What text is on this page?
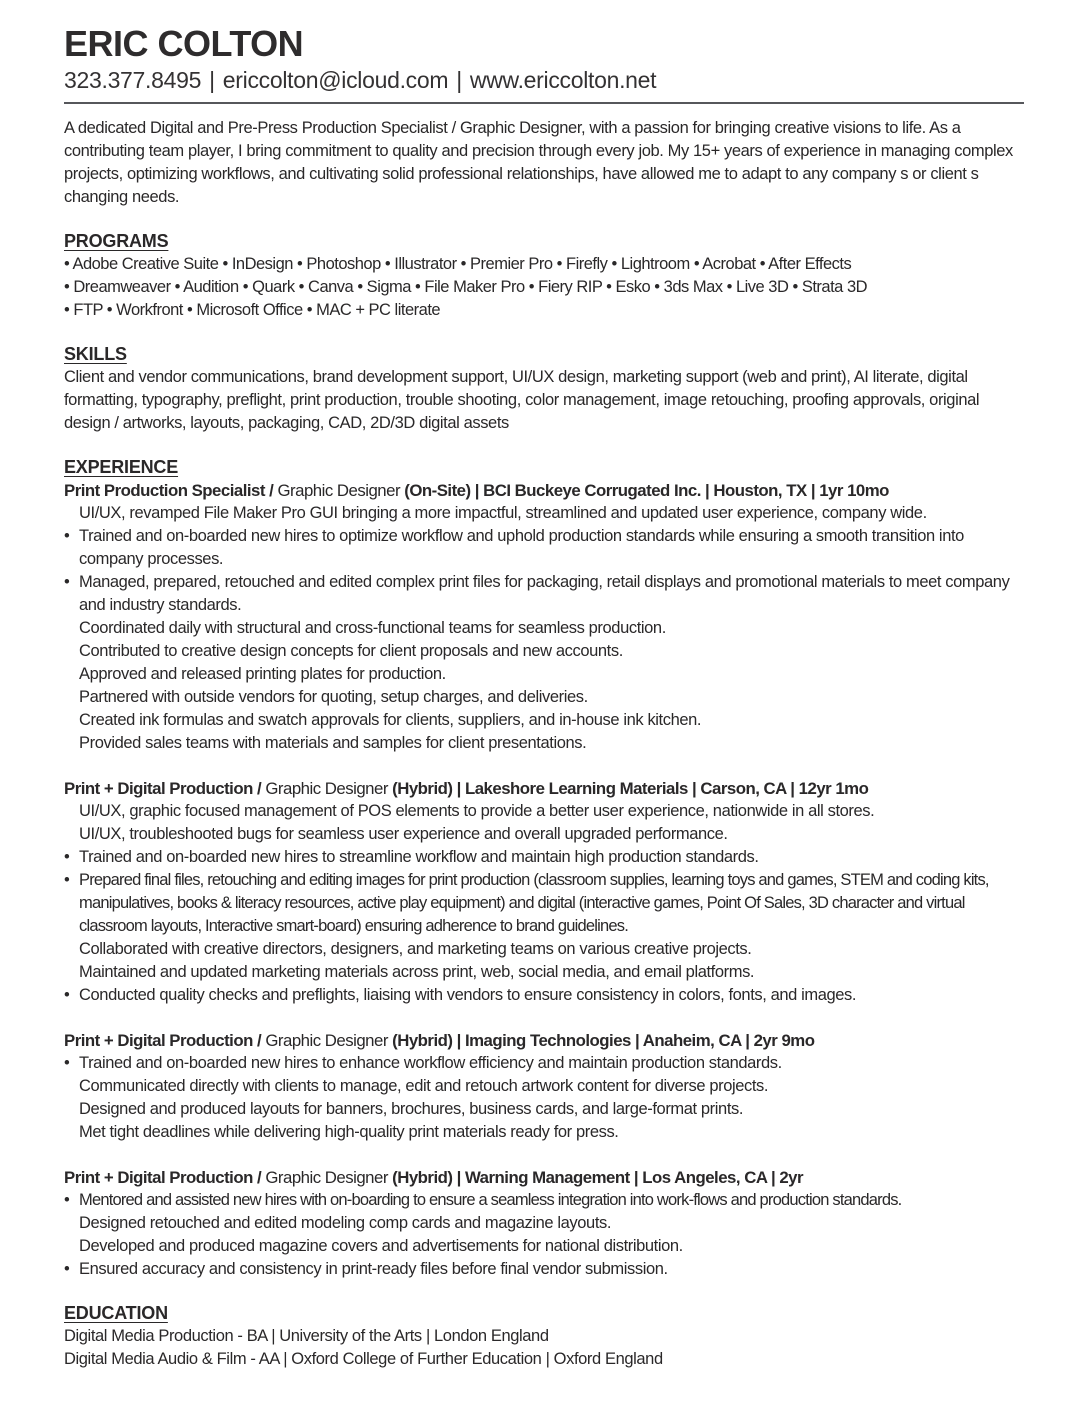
ERIC COLTON
323.377.8495 | ericcolton@icloud.com | www.ericcolton.net

A dedicated Digital and Pre-Press Production Specialist / Graphic Designer, with a passion for bringing creative visions to life. As a contributing team player, I bring commitment to quality and precision through every job. My 15+ years of experience in managing complex projects, optimizing workflows, and cultivating solid professional relationships, have allowed me to adapt to any company s or client s changing needs.

PROGRAMS
• Adobe Creative Suite • InDesign • Photoshop • Illustrator • Premier Pro • Firefly • Lightroom • Acrobat • After Effects
• Dreamweaver • Audition • Quark • Canva • Sigma • File Maker Pro • Fiery RIP • Esko • 3ds Max • Live 3D • Strata 3D
• FTP • Workfront • Microsoft Office • MAC + PC literate
SKILLS

Client and vendor communications, brand development support, UI/UX design, marketing support (web and print), AI literate, digital formatting, typography, preflight, print production, trouble shooting, color management, image retouching, proofing approvals, original design / artworks, layouts, packaging, CAD, 2D/3D digital assets

EXPERIENCE
Print Production Specialist / Graphic Designer (On-Site) | BCI Buckeye Corrugated Inc. | Houston, TX | 1yr 10mo
UI/UX, revamped File Maker Pro GUI bringing a more impactful, streamlined and updated user experience, company wide.
• Trained and on-boarded new hires to optimize workflow and uphold production standards while ensuring a smooth transition into company processes.
• Managed, prepared, retouched and edited complex print files for packaging, retail displays and promotional materials to meet company and industry standards.
Coordinated daily with structural and cross-functional teams for seamless production.
Contributed to creative design concepts for client proposals and new accounts.
Approved and released printing plates for production.
Partnered with outside vendors for quoting, setup charges, and deliveries.
Created ink formulas and swatch approvals for clients, suppliers, and in-house ink kitchen.
Provided sales teams with materials and samples for client presentations.
Print + Digital Production / Graphic Designer (Hybrid) | Lakeshore Learning Materials | Carson, CA | 12yr 1mo
UI/UX, graphic focused management of POS elements to provide a better user experience, nationwide in all stores.
UI/UX, troubleshooted bugs for seamless user experience and overall upgraded performance.
• Trained and on-boarded new hires to streamline workflow and maintain high production standards.
• Prepared final files, retouching and editing images for print production (classroom supplies, learning toys and games, STEM and coding kits, manipulatives, books & literacy resources, active play equipment) and digital (interactive games, Point Of Sales, 3D character and virtual classroom layouts, Interactive smart-board) ensuring adherence to brand guidelines.
Collaborated with creative directors, designers, and marketing teams on various creative projects.
Maintained and updated marketing materials across print, web, social media, and email platforms.
• Conducted quality checks and preflights, liaising with vendors to ensure consistency in colors, fonts, and images.
Print + Digital Production / Graphic Designer (Hybrid) | Imaging Technologies | Anaheim, CA | 2yr 9mo
• Trained and on-boarded new hires to enhance workflow efficiency and maintain production standards.
Communicated directly with clients to manage, edit and retouch artwork content for diverse projects.
Designed and produced layouts for banners, brochures, business cards, and large-format prints.
Met tight deadlines while delivering high-quality print materials ready for press.
Print + Digital Production / Graphic Designer (Hybrid) | Warning Management | Los Angeles, CA | 2yr
• Mentored and assisted new hires with on-boarding to ensure a seamless integration into work-flows and production standards.
Designed retouched and edited modeling comp cards and magazine layouts.
Developed and produced magazine covers and advertisements for national distribution.
• Ensured accuracy and consistency in print-ready files before final vendor submission.
EDUCATION
Digital Media Production - BA | University of the Arts | London England
Digital Media Audio & Film - AA | Oxford College of Further Education | Oxford England
